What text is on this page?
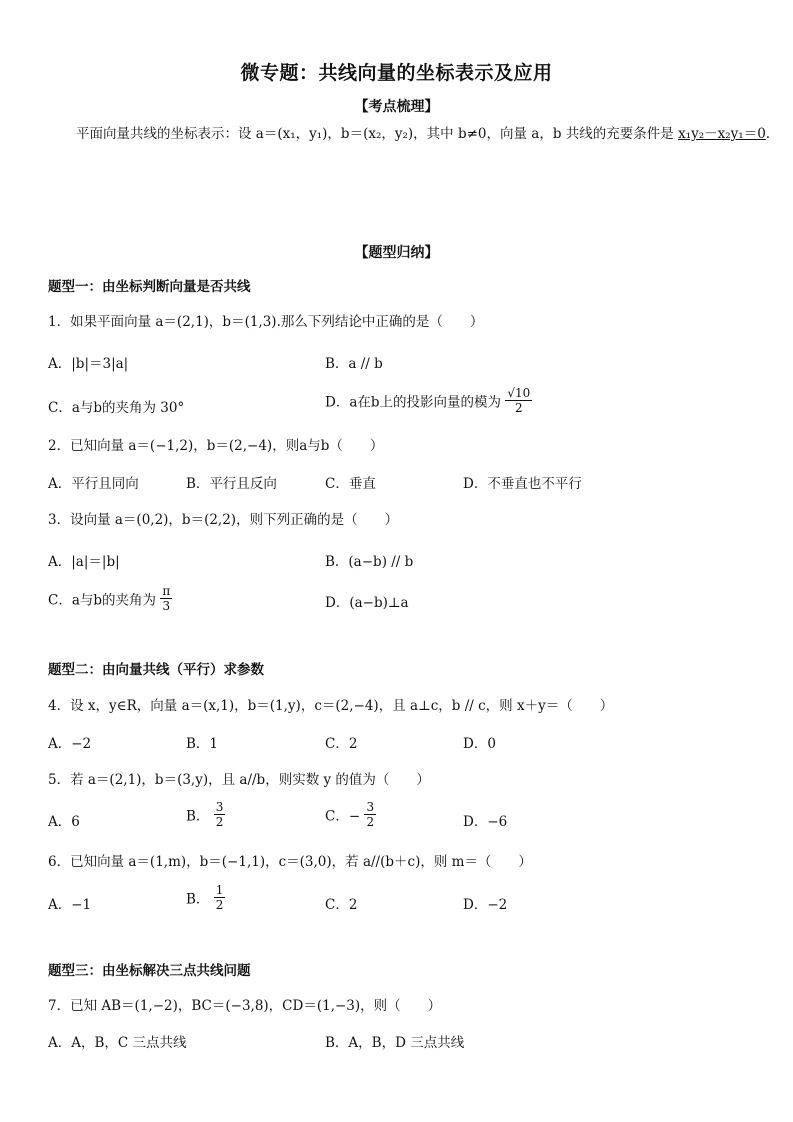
微专题：共线向量的坐标表示及应用
【考点梳理】
平面向量共线的坐标表示：设 a＝(x₁，y₁)，b＝(x₂，y₂)，其中 b≠0，向量 a，b 共线的充要条件是 x₁y₂－x₂y₁＝0.
【题型归纳】
题型一：由坐标判断向量是否共线
1．如果平面向量 a＝(2,1)，b＝(1,3).那么下列结论中正确的是（　　）
A．|b|＝3|a|	B．a // b
C．a与b的夹角为 30°	D．a在b上的投影向量的模为 $\frac{√10}{2}$
2．已知向量 a＝(−1,2)，b＝(2,−4)，则a与b（　　）
A．平行且同向	B．平行且反向	C．垂直	D．不垂直也不平行
3．设向量 a＝(0,2)，b＝(2,2)，则下列正确的是（　　）
A．|a|＝|b|	B．(a−b) // b
C．a与b的夹角为 $\frac{\pi}{3}$	D．(a−b)⊥a
题型二：由向量共线（平行）求参数
4．设 x，y∈R，向量 a＝(x,1)，b＝(1,y)，c＝(2,−4)，且 a⊥c，b // c，则 x＋y＝（　　）
A．−2	B．1	C．2	D．0
5．若 a＝(2,1)，b＝(3,y)，且 a//b，则实数 y 的值为（　　）
A．6	B． $\frac{3}{2}$	C．− $\frac{3}{2}$	D．−6
6．已知向量 a＝(1,m)，b＝(−1,1)，c＝(3,0)，若 a//(b＋c)，则 m＝（　　）
A．−1	B． $\frac{1}{2}$	C．2	D．−2
题型三：由坐标解决三点共线问题
7．已知 AB＝(1,−2)，BC＝(−3,8)，CD＝(1,−3)，则（　　）
A．A，B，C 三点共线	B．A，B，D 三点共线
